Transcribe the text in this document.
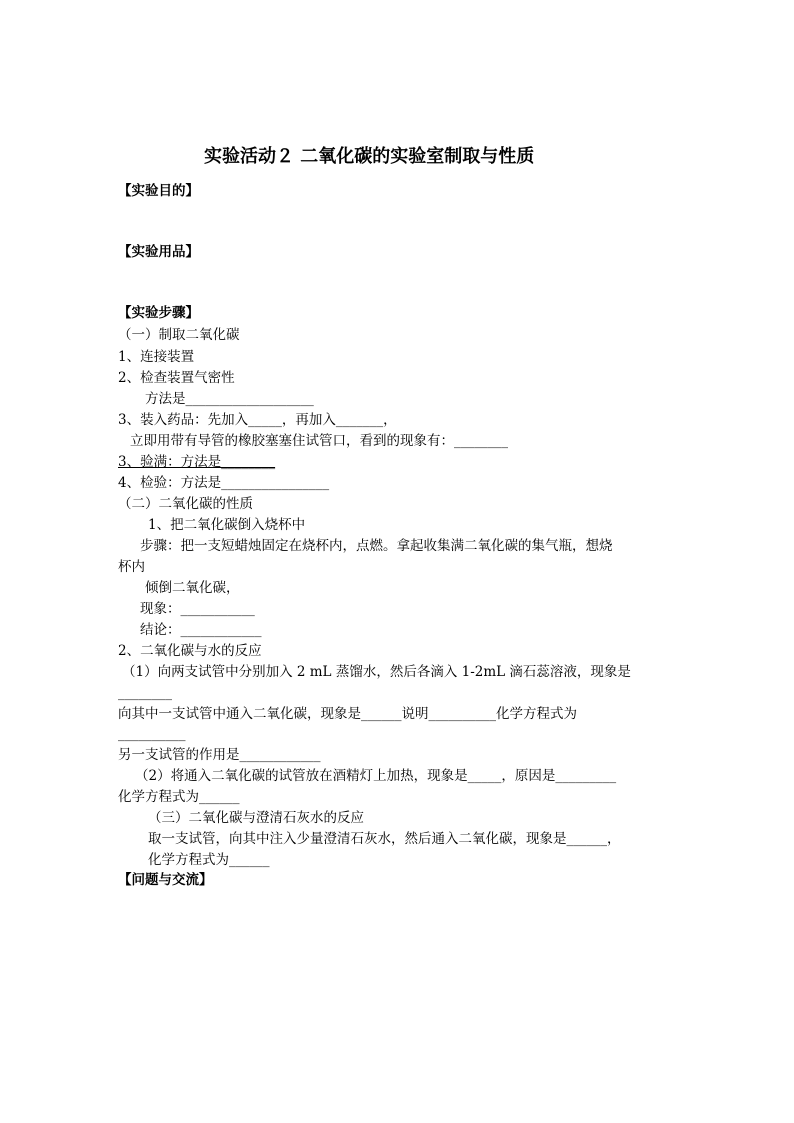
实验活动２ 二氧化碳的实验室制取与性质
【实验目的】
【实验用品】
【实验步骤】
（一）制取二氧化碳
1、连接装置
2、检查装置气密性
方法是___________________
3、装入药品：先加入_____，再加入_______，
立即用带有导管的橡胶塞塞住试管口，看到的现象有：________
3、验满：方法是________
4、检验：方法是________________
（二）二氧化碳的性质
1、把二氧化碳倒入烧杯中
步骤：把一支短蜡烛固定在烧杯内，点燃。拿起收集满二氧化碳的集气瓶，想烧
杯内
倾倒二氧化碳，
现象：___________
结论：____________
2、二氧化碳与水的反应
（1）向两支试管中分别加入 2 mL 蒸馏水，然后各滴入 1-2mL 滴石蕊溶液，现象是
________
向其中一支试管中通入二氧化碳，现象是______说明__________化学方程式为
__________
另一支试管的作用是____________
（2）将通入二氧化碳的试管放在酒精灯上加热，现象是_____，原因是_________
化学方程式为______
（三）二氧化碳与澄清石灰水的反应
取一支试管，向其中注入少量澄清石灰水，然后通入二氧化碳，现象是______，
化学方程式为______
【问题与交流】
